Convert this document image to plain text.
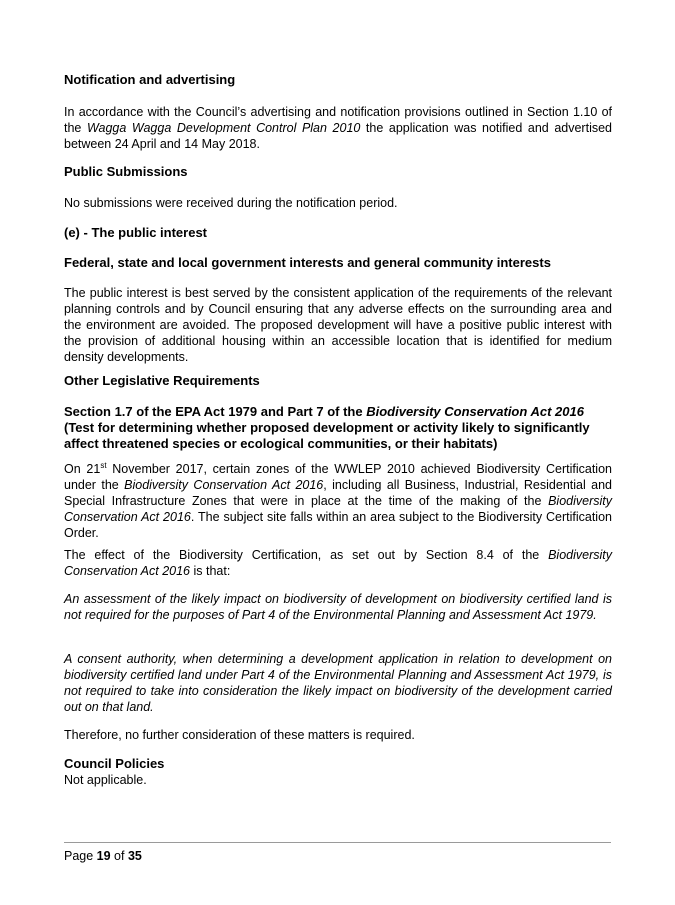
Notification and advertising

In accordance with the Council’s advertising and notification provisions outlined in Section 1.10 of the Wagga Wagga Development Control Plan 2010 the application was notified and advertised between 24 April and 14 May 2018.

Public Submissions

No submissions were received during the notification period.

(e) - The public interest
Federal, state and local government interests and general community interests

The public interest is best served by the consistent application of the requirements of the relevant planning controls and by Council ensuring that any adverse effects on the surrounding area and the environment are avoided. The proposed development will have a positive public interest with the provision of additional housing within an accessible location that is identified for medium density developments.

Other Legislative Requirements
Section 1.7 of the EPA Act 1979 and Part 7 of the Biodiversity Conservation Act 2016 (Test for determining whether proposed development or activity likely to significantly affect threatened species or ecological communities, or their habitats)

On 21st November 2017, certain zones of the WWLEP 2010 achieved Biodiversity Certification under the Biodiversity Conservation Act 2016, including all Business, Industrial, Residential and Special Infrastructure Zones that were in place at the time of the making of the Biodiversity Conservation Act 2016. The subject site falls within an area subject to the Biodiversity Certification Order.

The effect of the Biodiversity Certification, as set out by Section 8.4 of the Biodiversity Conservation Act 2016 is that:

An assessment of the likely impact on biodiversity of development on biodiversity certified land is not required for the purposes of Part 4 of the Environmental Planning and Assessment Act 1979.

A consent authority, when determining a development application in relation to development on biodiversity certified land under Part 4 of the Environmental Planning and Assessment Act 1979, is not required to take into consideration the likely impact on biodiversity of the development carried out on that land.

Therefore, no further consideration of these matters is required.

Council Policies

Not applicable.

Page 19 of 35
